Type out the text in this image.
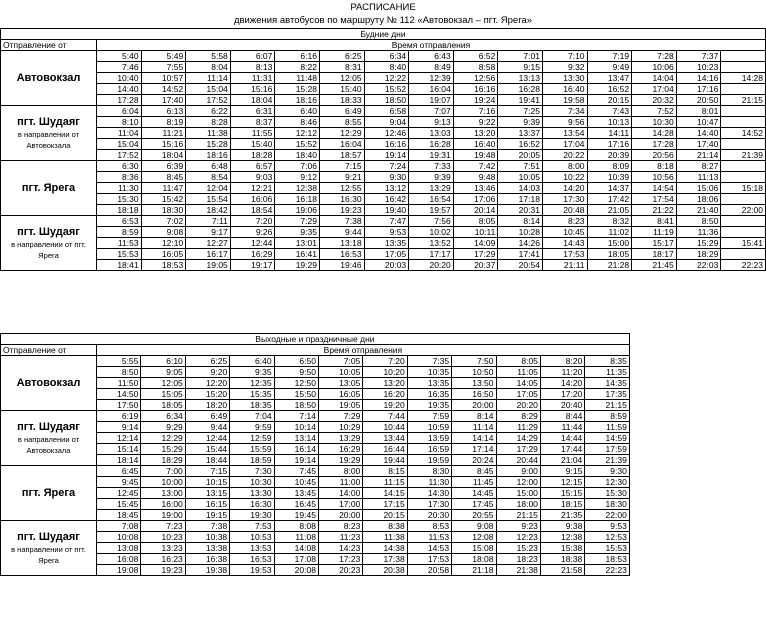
РАСПИСАНИЕ
движения автобусов по маршруту № 112 «Автовокзал – пгт. Ярега»
Будние дни															
Отправление от	Время отправления														
Автовокзал	5:40	5:49	5:58	6:07	6:16	6:25	6:34	6:43	6:52	7:01	7:10	7:19	7:28	7:37	
	7:46	7:55	8:04	8:13	8:22	8:31	8:40	8:49	8:58	9:15	9:32	9:49	10:06	10:23	
	10:40	10:57	11:14	11:31	11:48	12:05	12:22	12:39	12:56	13:13	13:30	13:47	14:04	14:16	14:28
	14:40	14:52	15:04	15:16	15:28	15:40	15:52	16:04	16:16	16:28	16:40	16:52	17:04	17:16	
	17:28	17:40	17:52	18:04	18:16	18:33	18:50	19:07	19:24	19:41	19:58	20:15	20:32	20:50	21:15
пгт. Шудаяг
в направлении от Автовокзала	6:04	6:13	6:22	6:31	6:40	6:49	6:58	7:07	7:16	7:25	7:34	7:43	7:52	8:01	
	8:10	8:19	8:28	8:37	8:46	8:55	9:04	9:13	9:22	9:39	9:56	10:13	10:30	10:47	
	11:04	11:21	11:38	11:55	12:12	12:29	12:46	13:03	13:20	13:37	13:54	14:11	14:28	14:40	14:52
	15:04	15:16	15:28	15:40	15:52	16:04	16:16	16:28	16:40	16:52	17:04	17:16	17:28	17:40	
	17:52	18:04	18:16	18:28	18:40	18:57	19:14	19:31	19:48	20:05	20:22	20:39	20:56	21:14	21:39
пгт. Ярега	6:30	6:39	6:48	6:57	7:06	7:15	7:24	7:33	7:42	7:51	8:00	8:09	8:18	8:27	
	8:36	8:45	8:54	9:03	9:12	9:21	9:30	9:39	9:48	10:05	10:22	10:39	10:56	11:13	
	11:30	11:47	12:04	12:21	12:38	12:55	13:12	13:29	13:46	14:03	14:20	14:37	14:54	15:06	15:18
	15:30	15:42	15:54	16:06	16:18	16:30	16:42	16:54	17:06	17:18	17:30	17:42	17:54	18:06	
	18:18	18:30	18:42	18:54	19:06	19:23	19:40	19:57	20:14	20:31	20:48	21:05	21:22	21:40	22:00
пгт. Шудаяг
в направлении от пгт. Ярега	6:53	7:02	7:11	7:20	7:29	7:38	7:47	7:56	8:05	8:14	8:23	8:32	8:41	8:50	
	8:59	9:08	9:17	9:26	9:35	9:44	9:53	10:02	10:11	10:28	10:45	11:02	11:19	11:36	
	11:53	12:10	12:27	12:44	13:01	13:18	13:35	13:52	14:09	14:26	14:43	15:00	15:17	15:29	15:41
	15:53	16:05	16:17	16:29	16:41	16:53	17:05	17:17	17:29	17:41	17:53	18:05	18:17	18:29	
	18:41	18:53	19:05	19:17	19:29	19:46	20:03	20:20	20:37	20:54	21:11	21:28	21:45	22:03	22:23
Выходные и праздничные дни												
Отправление от	Время отправления											
Автовокзал	5:55	6:10	6:25	6:40	6:50	7:05	7:20	7:35	7:50	8:05	8:20	8:35
	8:50	9:05	9:20	9:35	9:50	10:05	10:20	10:35	10:50	11:05	11:20	11:35
	11:50	12:05	12:20	12:35	12:50	13:05	13:20	13:35	13:50	14:05	14:20	14:35
	14:50	15:05	15:20	15:35	15:50	16:05	16:20	16:35	16:50	17:05	17:20	17:35
	17:50	18:05	18:20	18:35	18:50	19:05	19:20	19:35	20:00	20:20	20:40	21:15
пгт. Шудаяг
в направлении от Автовокзала	6:19	6:34	6:49	7:04	7:14	7:29	7:44	7:59	8:14	8:29	8:44	8:59
	9:14	9:29	9:44	9:59	10:14	10:29	10:44	10:59	11:14	11:29	11:44	11:59
	12:14	12:29	12:44	12:59	13:14	13:29	13:44	13:59	14:14	14:29	14:44	14:59
	15:14	15:29	15:44	15:59	16:14	16:29	16:44	16:59	17:14	17:29	17:44	17:59
	18:14	18:29	18:44	18:59	19:14	19:29	19:44	19:59	20:24	20:44	21:04	21:39
пгт. Ярега	6:45	7:00	7:15	7:30	7:45	8:00	8:15	8:30	8:45	9:00	9:15	9:30
	9:45	10:00	10:15	10:30	10:45	11:00	11:15	11:30	11:45	12:00	12:15	12:30
	12:45	13:00	13:15	13:30	13:45	14:00	14:15	14:30	14:45	15:00	15:15	15:30
	15:45	16:00	16:15	16:30	16:45	17:00	17:15	17:30	17:45	18:00	18:15	18:30
	18:45	19:00	19:15	19:30	19:45	20:00	20:15	20:30	20:55	21:15	21:35	22:00
пгт. Шудаяг
в направлении от пгт. Ярега	7:08	7:23	7:38	7:53	8:08	8:23	8:38	8:53	9:08	9:23	9:38	9:53
	10:08	10:23	10:38	10:53	11:08	11:23	11:38	11:53	12:08	12:23	12:38	12:53
	13:08	13:23	13:38	13:53	14:08	14:23	14:38	14:53	15:08	15:23	15:38	15:53
	16:08	16:23	16:38	16:53	17:08	17:23	17:38	17:53	18:08	18:23	18:38	18:53
	19:08	19:23	19:38	19:53	20:08	20:23	20:38	20:58	21:18	21:38	21:58	22:23
